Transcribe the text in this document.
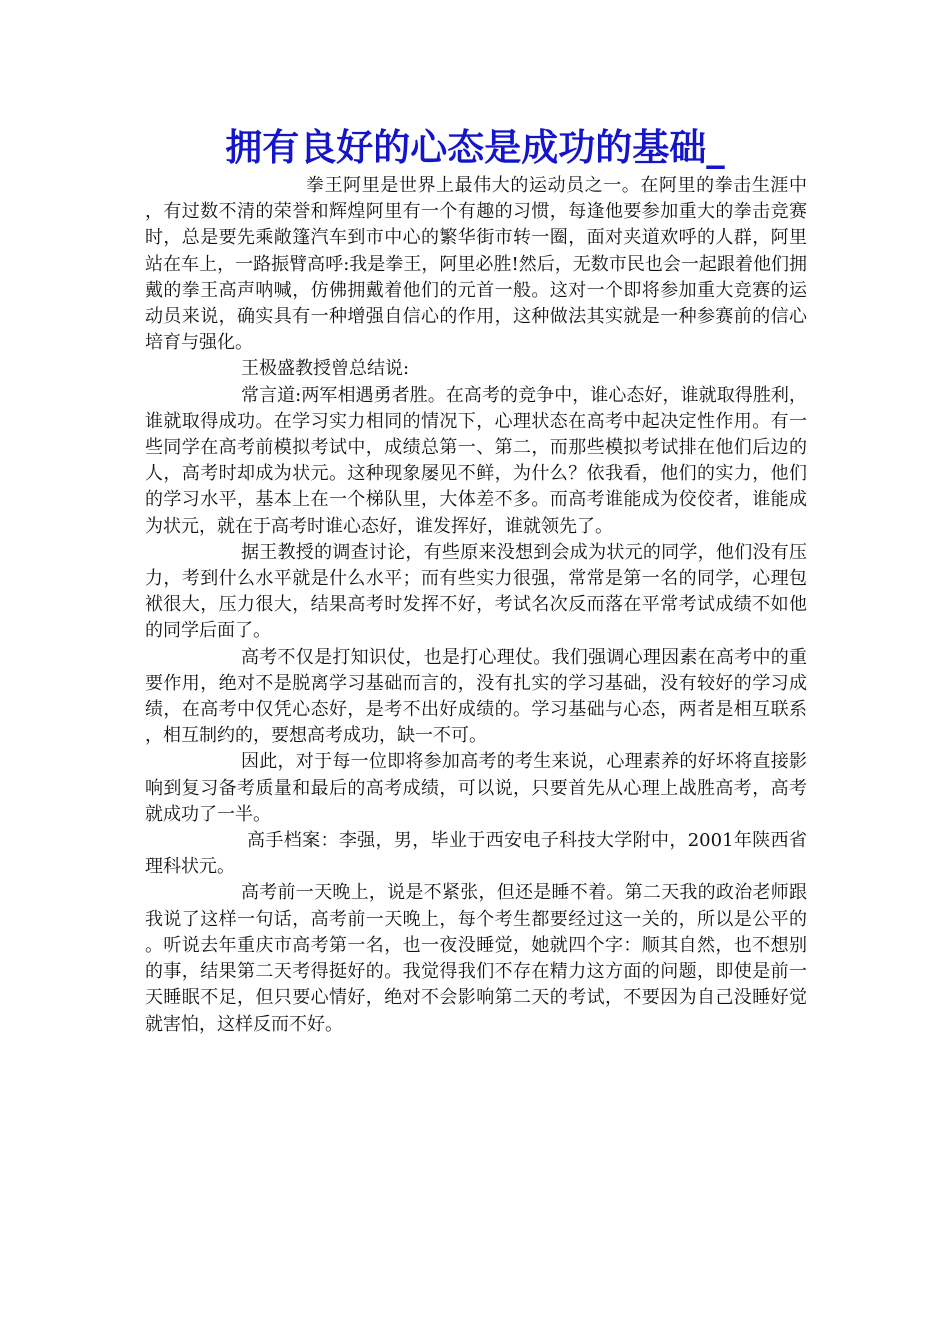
拥有良好的心态是成功的基础_

拳王阿里是世界上最伟大的运动员之一。在阿里的拳击生涯中，有过数不清的荣誉和辉煌阿里有一个有趣的习惯，每逢他要参加重大的拳击竞赛时，总是要先乘敞篷汽车到市中心的繁华街市转一圈，面对夹道欢呼的人群，阿里站在车上，一路振臂高呼:我是拳王，阿里必胜!然后，无数市民也会一起跟着他们拥戴的拳王高声呐喊，仿佛拥戴着他们的元首一般。这对一个即将参加重大竞赛的运动员来说，确实具有一种增强自信心的作用，这种做法其实就是一种参赛前的信心培育与强化。

王极盛教授曾总结说:

常言道:两军相遇勇者胜。在高考的竞争中，谁心态好，谁就取得胜利，谁就取得成功。在学习实力相同的情况下，心理状态在高考中起决定性作用。有一些同学在高考前模拟考试中，成绩总第一、第二，而那些模拟考试排在他们后边的人，高考时却成为状元。这种现象屡见不鲜，为什么？依我看，他们的实力，他们的学习水平，基本上在一个梯队里，大体差不多。而高考谁能成为佼佼者，谁能成为状元，就在于高考时谁心态好，谁发挥好，谁就领先了。

据王教授的调查讨论，有些原来没想到会成为状元的同学，他们没有压力，考到什么水平就是什么水平；而有些实力很强，常常是第一名的同学，心理包袱很大，压力很大，结果高考时发挥不好，考试名次反而落在平常考试成绩不如他的同学后面了。

高考不仅是打知识仗，也是打心理仗。我们强调心理因素在高考中的重要作用，绝对不是脱离学习基础而言的，没有扎实的学习基础，没有较好的学习成绩，在高考中仅凭心态好，是考不出好成绩的。学习基础与心态，两者是相互联系，相互制约的，要想高考成功，缺一不可。

因此，对于每一位即将参加高考的考生来说，心理素养的好坏将直接影响到复习备考质量和最后的高考成绩，可以说，只要首先从心理上战胜高考，高考就成功了一半。

高手档案：李强，男，毕业于西安电子科技大学附中，2001年陕西省理科状元。

高考前一天晚上，说是不紧张，但还是睡不着。第二天我的政治老师跟我说了这样一句话，高考前一天晚上，每个考生都要经过这一关的，所以是公平的。听说去年重庆市高考第一名，也一夜没睡觉，她就四个字：顺其自然，也不想别的事，结果第二天考得挺好的。我觉得我们不存在精力这方面的问题，即使是前一天睡眠不足，但只要心情好，绝对不会影响第二天的考试，不要因为自己没睡好觉就害怕，这样反而不好。
